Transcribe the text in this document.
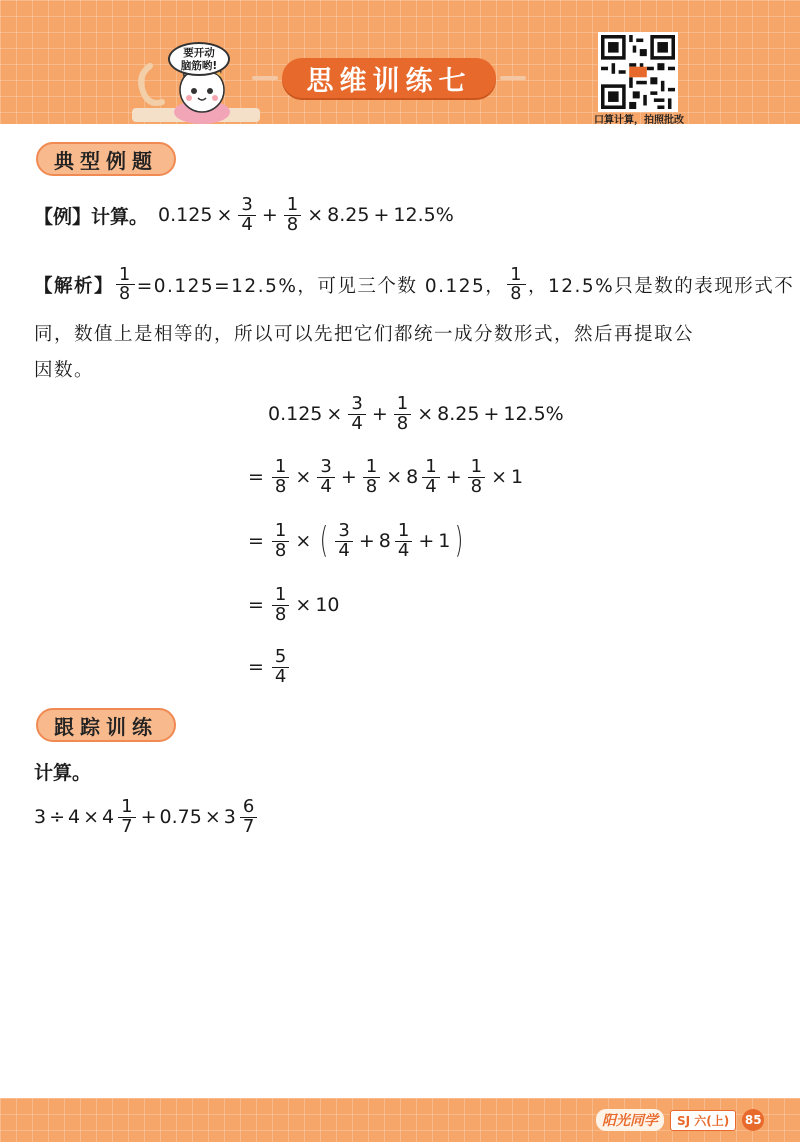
要开动
脑筋哟!	思维训练七
口算计算，拍照批改
典型例题
【例】 计算。 $0.125 \times \frac{3}{4} + \frac{1}{8} \times 8.25 + 12.5\%$
【解析】 $\frac{1}{8} =0.125=12.5\%$，可见三个数 0.125， $\frac{1}{8}$ ，12.5%只是数的表现形式不
同，数值上是相等的，所以可以先把它们都统一成分数形式，然后再提取公
因数。
$0.125 \times \frac{3}{4} + \frac{1}{8} \times 8.25 + 12.5\%$
= $\frac{1}{8} \times \frac{3}{4} + \frac{1}{8} \times 8 \frac{1}{4} + \frac{1}{8} \times 1$
= $\frac{1}{8}$ × ( $\frac{3}{4} + 8 \frac{1}{4} + 1$ )
= $\frac{1}{8} \times 10$
= $\frac{5}{4}$
跟踪训练
计算。
$3 \div 4 \times 4 \frac{1}{7} + 0.75 \times 3 \frac{6}{7}$
阳光同学	SJ 六(上)	85
